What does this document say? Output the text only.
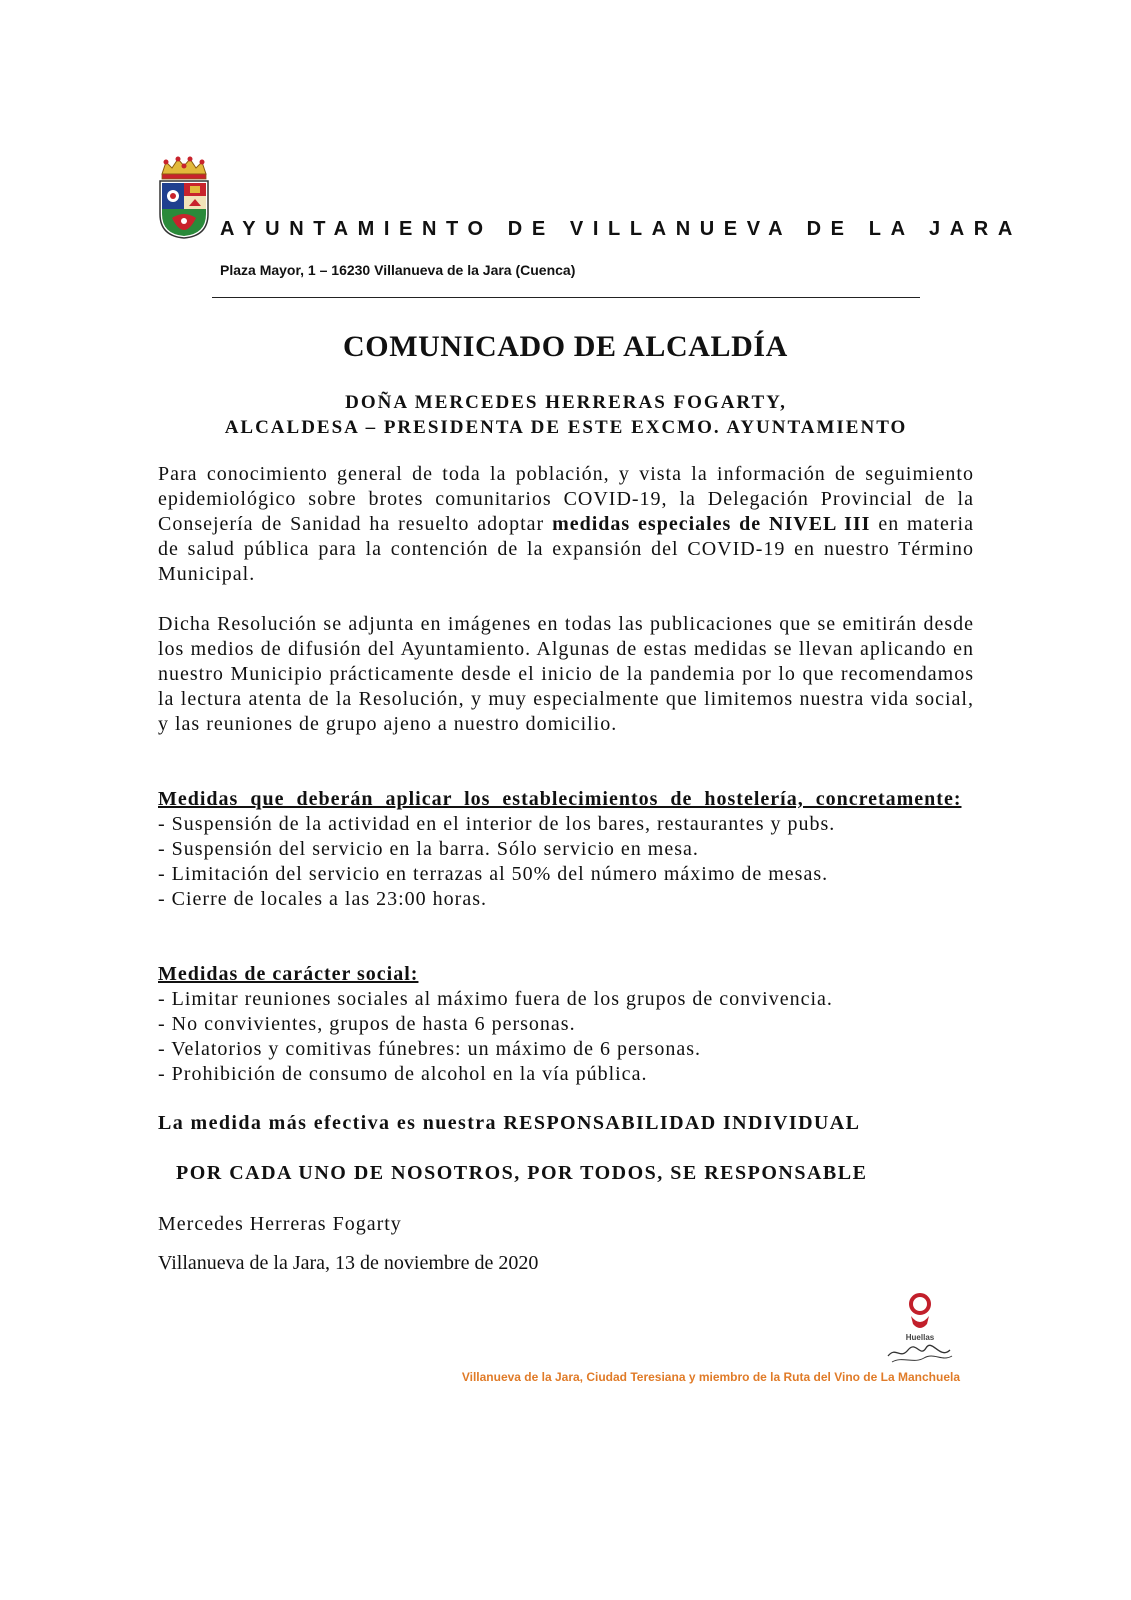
AYUNTAMIENTO DE VILLANUEVA DE LA JARA
Plaza Mayor, 1 – 16230 Villanueva de la Jara (Cuenca)
COMUNICADO DE ALCALDÍA
DOÑA MERCEDES HERRERAS FOGARTY,
ALCALDESA – PRESIDENTA DE ESTE EXCMO. AYUNTAMIENTO

Para conocimiento general de toda la población, y vista la información de seguimiento epidemiológico sobre brotes comunitarios COVID-19, la Delegación Provincial de la Consejería de Sanidad ha resuelto adoptar medidas especiales de NIVEL III en materia de salud pública para la contención de la expansión del COVID-19 en nuestro Término Municipal.

Dicha Resolución se adjunta en imágenes en todas las publicaciones que se emitirán desde los medios de difusión del Ayuntamiento. Algunas de estas medidas se llevan aplicando en nuestro Municipio prácticamente desde el inicio de la pandemia por lo que recomendamos la lectura atenta de la Resolución, y muy especialmente que limitemos nuestra vida social, y las reuniones de grupo ajeno a nuestro domicilio.

Medidas que deberán aplicar los establecimientos de hostelería, concretamente:

- Suspensión de la actividad en el interior de los bares, restaurantes y pubs.
- Suspensión del servicio en la barra. Sólo servicio en mesa.
- Limitación del servicio en terrazas al 50% del número máximo de mesas.
- Cierre de locales a las 23:00 horas.

Medidas de carácter social:

- Limitar reuniones sociales al máximo fuera de los grupos de convivencia.
- No convivientes, grupos de hasta 6 personas.
- Velatorios y comitivas fúnebres: un máximo de 6 personas.
- Prohibición de consumo de alcohol en la vía pública.
La medida más efectiva es nuestra RESPONSABILIDAD INDIVIDUAL
POR CADA UNO DE NOSOTROS, POR TODOS, SE RESPONSABLE
Mercedes Herreras Fogarty
Villanueva de la Jara, 13 de noviembre de 2020
Huellas
Villanueva de la Jara, Ciudad Teresiana y miembro de la Ruta del Vino de La Manchuela
